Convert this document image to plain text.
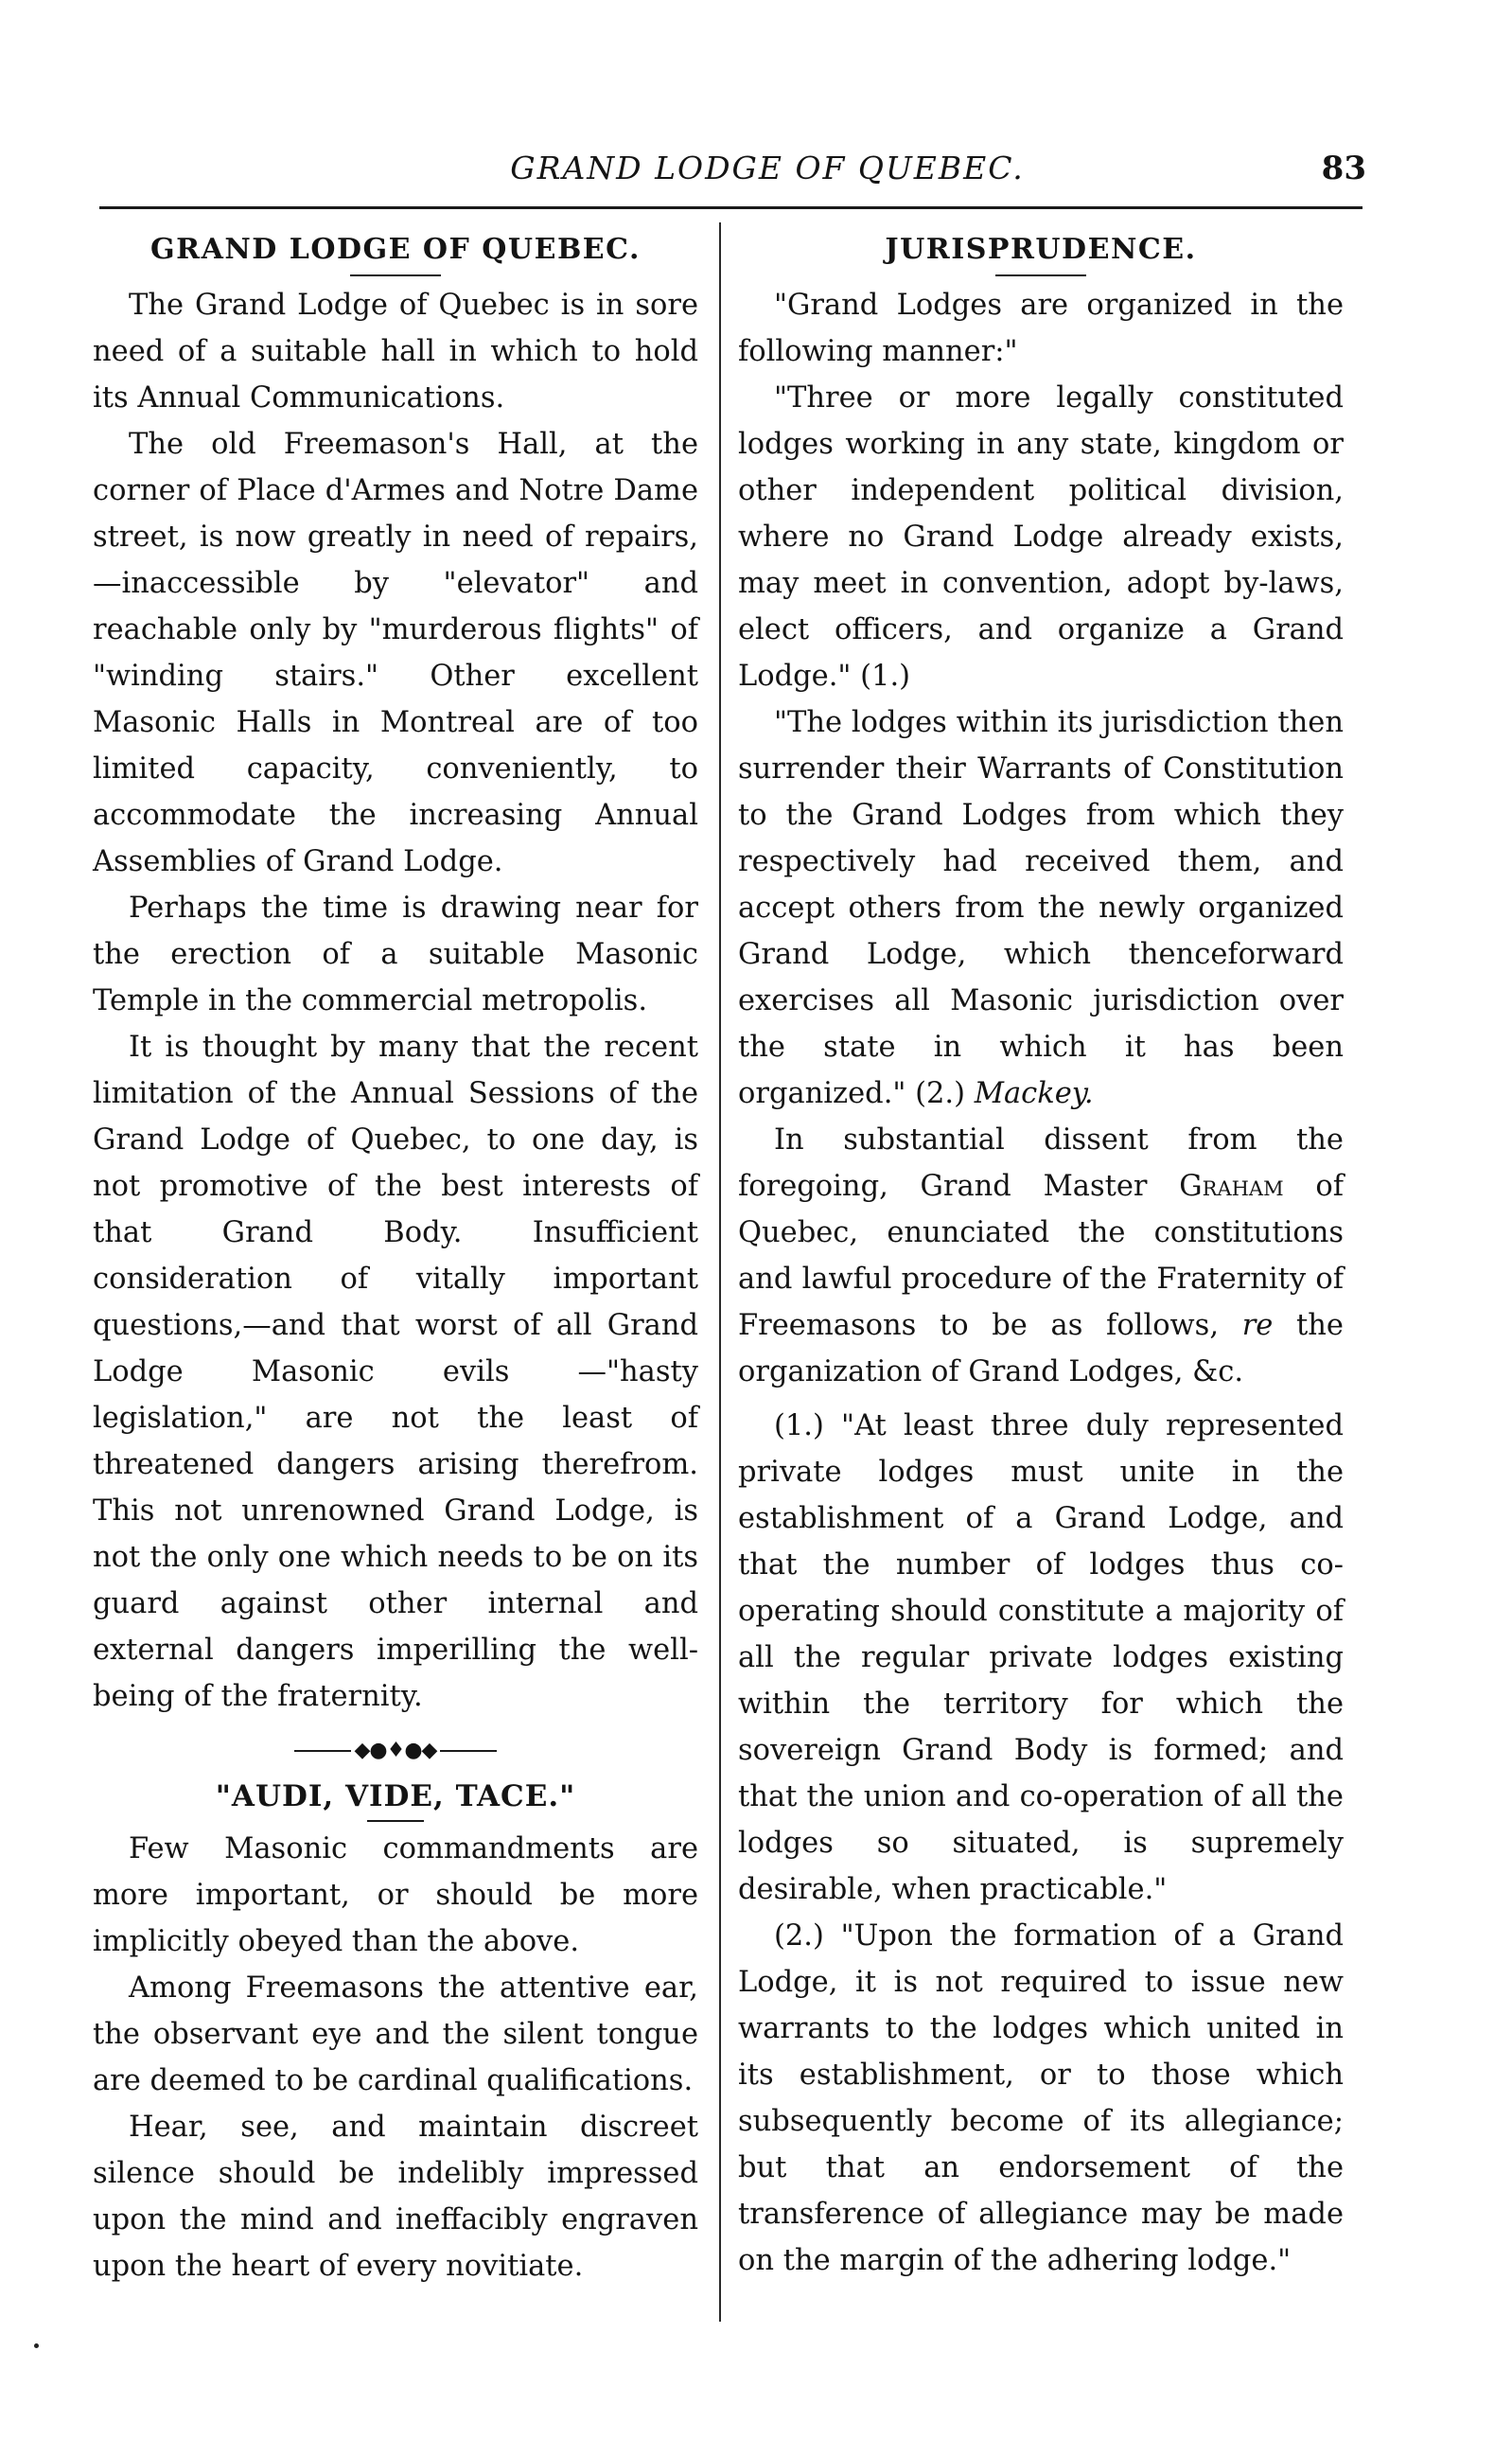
GRAND LODGE OF QUEBEC.	83
GRAND LODGE OF QUEBEC.

The Grand Lodge of Quebec is in sore need of a suitable hall in which to hold its Annual Communications.

The old Freemason's Hall, at the corner of Place d'Armes and Notre Dame street, is now greatly in need of repairs,—inaccessible by "elevator" and reachable only by "murderous flights" of "winding stairs." Other excellent Masonic Halls in Montreal are of too limited capacity, conveniently, to accommodate the increasing Annual Assemblies of Grand Lodge.

Perhaps the time is drawing near for the erection of a suitable Masonic Temple in the commercial metropolis.

It is thought by many that the recent limitation of the Annual Sessions of the Grand Lodge of Quebec, to one day, is not promotive of the best interests of that Grand Body. Insufficient consideration of vitally important questions,—and that worst of all Grand Lodge Masonic evils —"hasty legislation," are not the least of threatened dangers arising therefrom. This not unrenowned Grand Lodge, is not the only one which needs to be on its guard against other internal and external dangers imperilling the well-being of the fraternity.

◆●♦●◆
"AUDI, VIDE, TACE."

Few Masonic commandments are more important, or should be more implicitly obeyed than the above.

Among Freemasons the attentive ear, the observant eye and the silent tongue are deemed to be cardinal qualifications.

Hear, see, and maintain discreet silence should be indelibly impressed upon the mind and ineffacibly engraven upon the heart of every novitiate.

JURISPRUDENCE.

"Grand Lodges are organized in the following manner:"

"Three or more legally constituted lodges working in any state, kingdom or other independent political division, where no Grand Lodge already exists, may meet in convention, adopt by-laws, elect officers, and organize a Grand Lodge." (1.)

"The lodges within its jurisdiction then surrender their Warrants of Constitution to the Grand Lodges from which they respectively had received them, and accept others from the newly organized Grand Lodge, which thenceforward exercises all Masonic jurisdiction over the state in which it has been organized." (2.) Mackey.

In substantial dissent from the foregoing, Grand Master Graham of Quebec, enunciated the constitutions and lawful procedure of the Fraternity of Freemasons to be as follows, re the organization of Grand Lodges, &c.

(1.) "At least three duly represented private lodges must unite in the establishment of a Grand Lodge, and that the number of lodges thus co-operating should constitute a majority of all the regular private lodges existing within the territory for which the sovereign Grand Body is formed; and that the union and co-operation of all the lodges so situated, is supremely desirable, when practicable."

(2.) "Upon the formation of a Grand Lodge, it is not required to issue new warrants to the lodges which united in its establishment, or to those which subsequently become of its allegiance; but that an endorsement of the transference of allegiance may be made on the margin of the adhering lodge."
